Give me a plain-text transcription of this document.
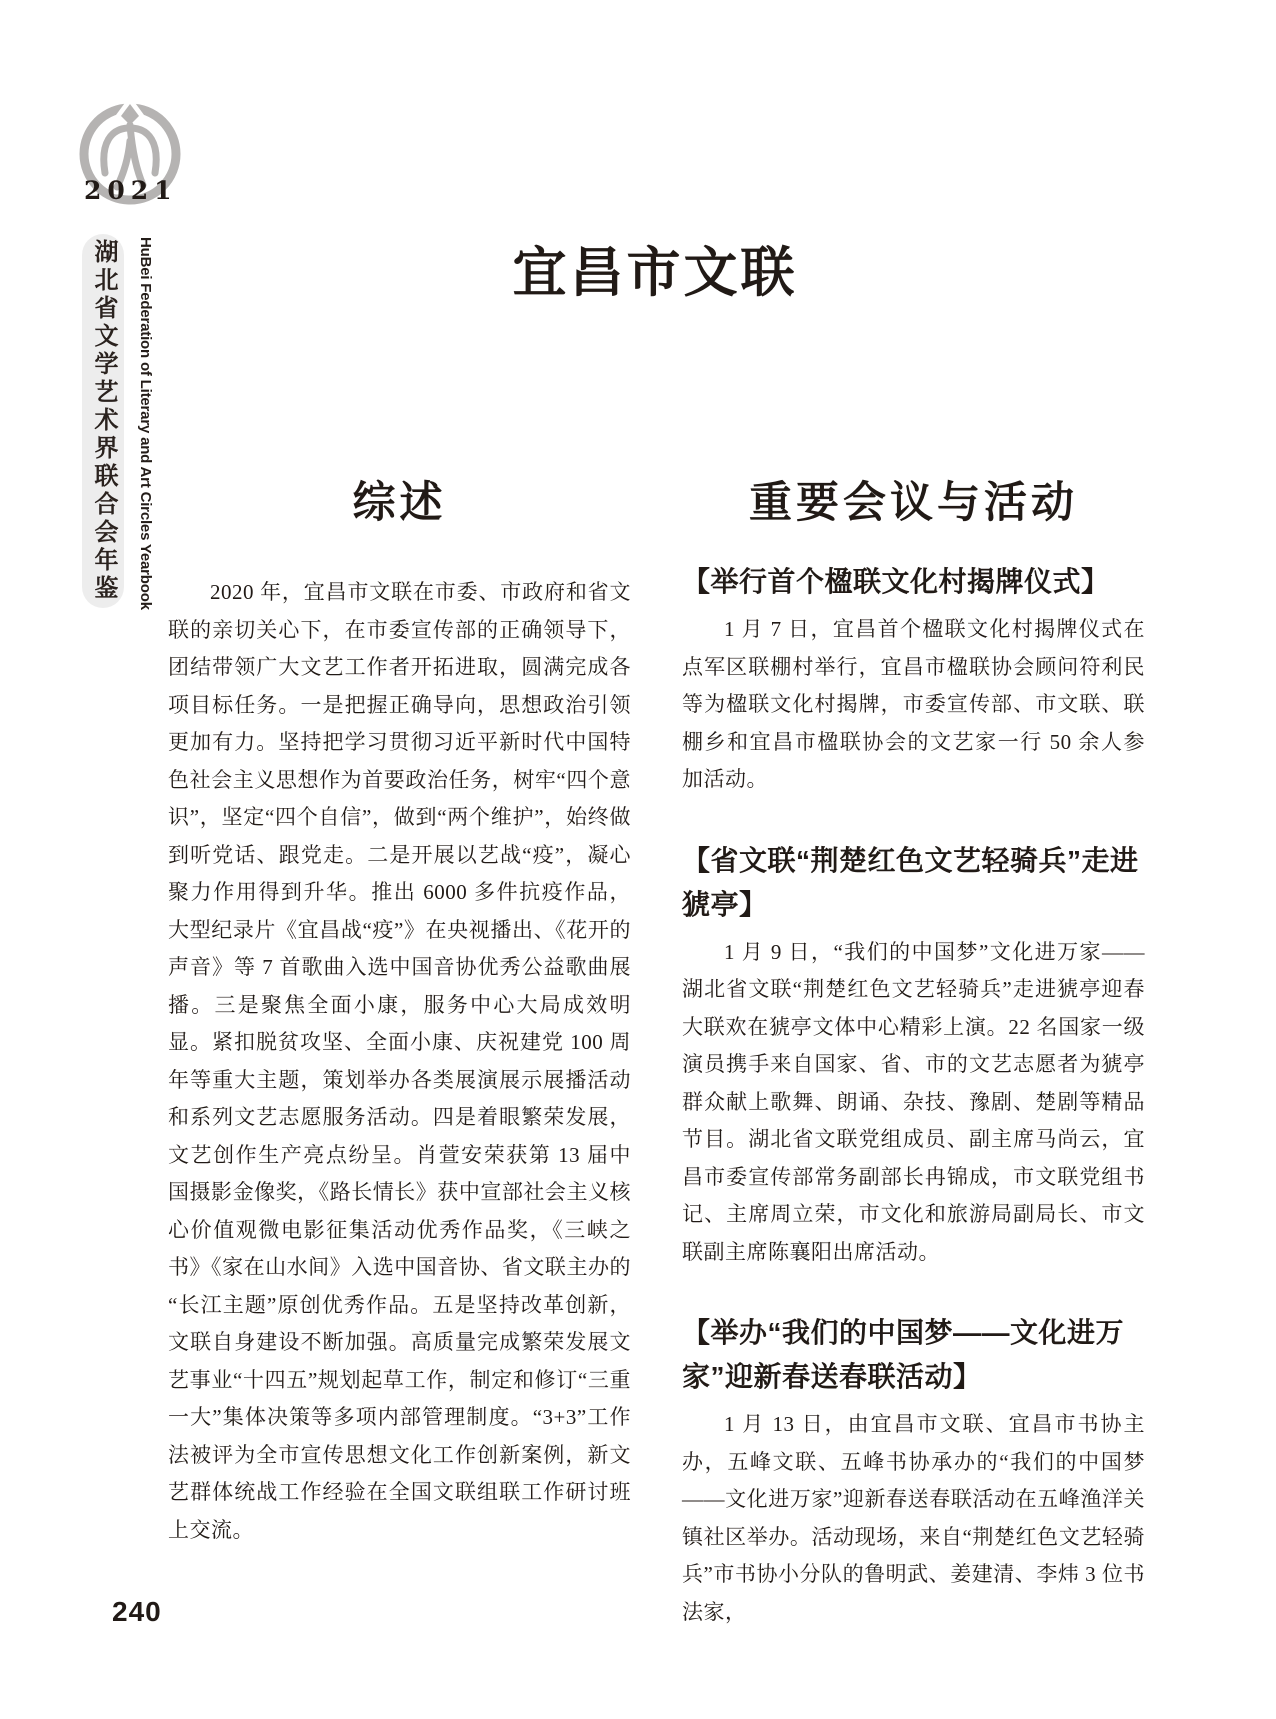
2021
湖北省文学艺术界联合会年鉴	HuBei Federation of Literary and Art Circles Yearbook	宜昌市文联
综述

2020 年，宜昌市文联在市委、市政府和省文联的亲切关心下，在市委宣传部的正确领导下，团结带领广大文艺工作者开拓进取，圆满完成各项目标任务。一是把握正确导向，思想政治引领更加有力。坚持把学习贯彻习近平新时代中国特色社会主义思想作为首要政治任务，树牢“四个意识”，坚定“四个自信”，做到“两个维护”，始终做到听党话、跟党走。二是开展以艺战“疫”，凝心聚力作用得到升华。推出 6000 多件抗疫作品，大型纪录片《宜昌战“疫”》在央视播出、《花开的声音》等 7 首歌曲入选中国音协优秀公益歌曲展播。三是聚焦全面小康，服务中心大局成效明显。紧扣脱贫攻坚、全面小康、庆祝建党 100 周年等重大主题，策划举办各类展演展示展播活动和系列文艺志愿服务活动。四是着眼繁荣发展，文艺创作生产亮点纷呈。肖萱安荣获第 13 届中国摄影金像奖，《路长情长》获中宣部社会主义核心价值观微电影征集活动优秀作品奖，《三峡之书》《家在山水间》入选中国音协、省文联主办的“长江主题”原创优秀作品。五是坚持改革创新，文联自身建设不断加强。高质量完成繁荣发展文艺事业“十四五”规划起草工作，制定和修订“三重一大”集体决策等多项内部管理制度。“3+3”工作法被评为全市宣传思想文化工作创新案例，新文艺群体统战工作经验在全国文联组联工作研讨班上交流。

重要会议与活动
【举行首个楹联文化村揭牌仪式】

1 月 7 日，宜昌首个楹联文化村揭牌仪式在点军区联棚村举行，宜昌市楹联协会顾问符利民等为楹联文化村揭牌，市委宣传部、市文联、联棚乡和宜昌市楹联协会的文艺家一行 50 余人参加活动。

【省文联“荆楚红色文艺轻骑兵”走进猇亭】

1 月 9 日，“我们的中国梦”文化进万家——湖北省文联“荆楚红色文艺轻骑兵”走进猇亭迎春大联欢在猇亭文体中心精彩上演。22 名国家一级演员携手来自国家、省、市的文艺志愿者为猇亭群众献上歌舞、朗诵、杂技、豫剧、楚剧等精品节目。湖北省文联党组成员、副主席马尚云，宜昌市委宣传部常务副部长冉锦成，市文联党组书记、主席周立荣，市文化和旅游局副局长、市文联副主席陈襄阳出席活动。

【举办“我们的中国梦——文化进万家”迎新春送春联活动】

1 月 13 日，由宜昌市文联、宜昌市书协主办，五峰文联、五峰书协承办的“我们的中国梦——文化进万家”迎新春送春联活动在五峰渔洋关镇社区举办。活动现场，来自“荆楚红色文艺轻骑兵”市书协小分队的鲁明武、姜建清、李炜 3 位书法家，

240
